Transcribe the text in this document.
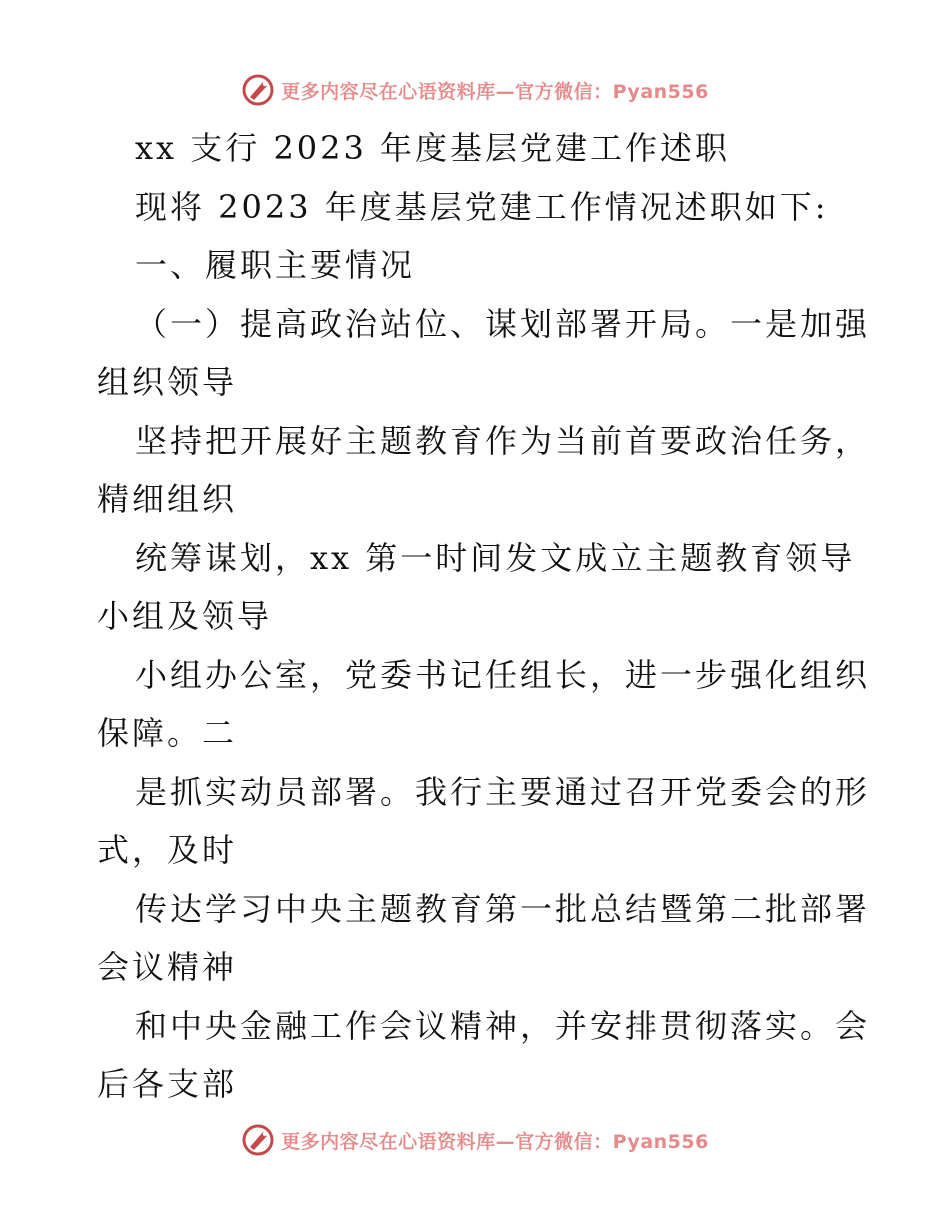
更多内容尽在心语资料库—官方微信：Pyan556
xx 支行 2023 年度基层党建工作述职
现将 2023 年度基层党建工作情况述职如下:
一、履职主要情况
（一）提高政治站位、谋划部署开局。一是加强
组织领导
坚持把开展好主题教育作为当前首要政治任务，
精细组织
统筹谋划，xx 第一时间发文成立主题教育领导
小组及领导
小组办公室，党委书记任组长，进一步强化组织
保障。二
是抓实动员部署。我行主要通过召开党委会的形
式，及时
传达学习中央主题教育第一批总结暨第二批部署
会议精神
和中央金融工作会议精神，并安排贯彻落实。会
后各支部
更多内容尽在心语资料库—官方微信：Pyan556
